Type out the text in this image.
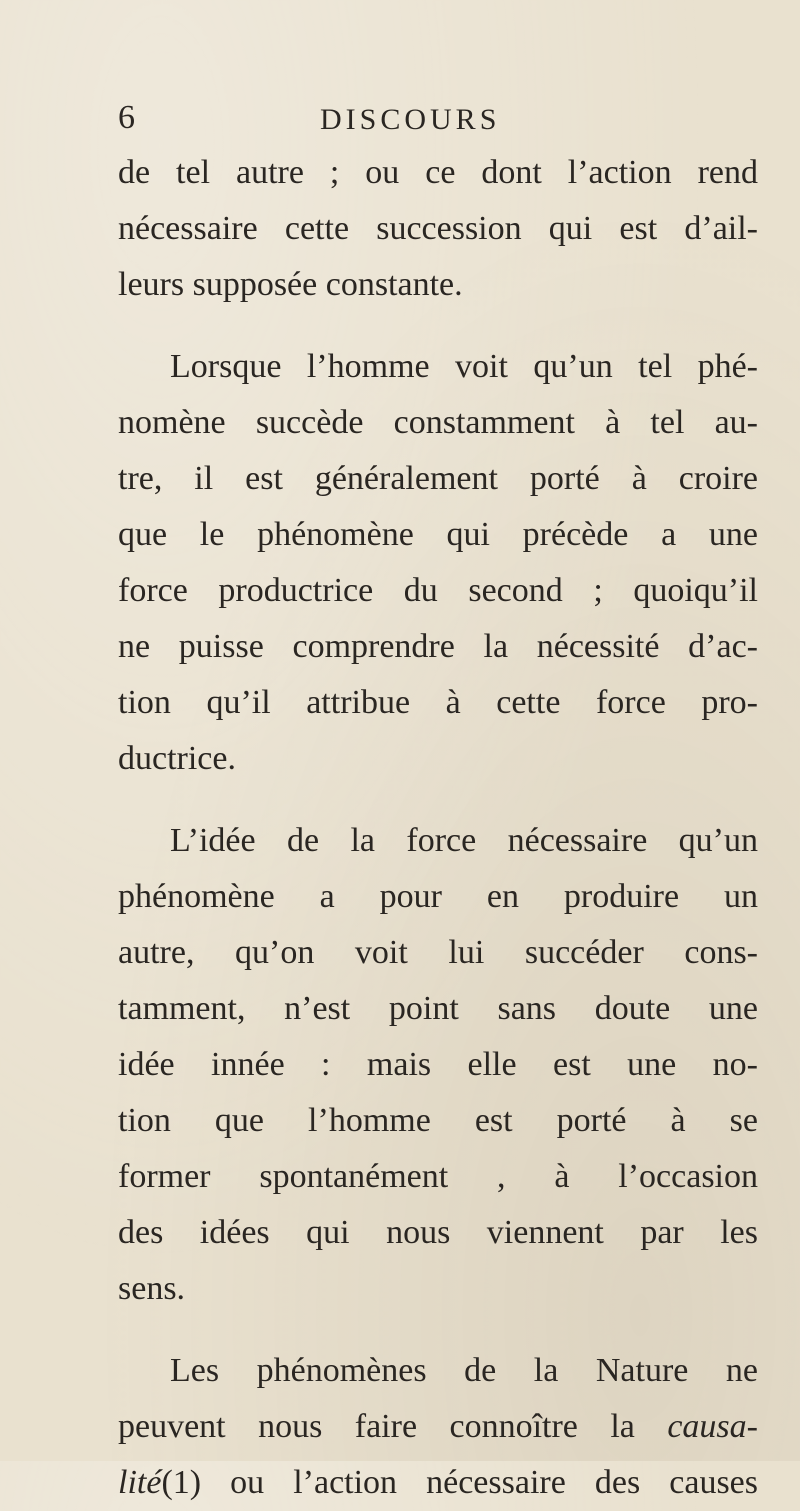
6	DISCOURS
de tel autre ; ou ce dont l’action rend
nécessaire cette succession qui est d’ail-
leurs supposée constante.
Lorsque l’homme voit qu’un tel phé-
nomène succède constamment à tel au-
tre, il est généralement porté à croire
que le phénomène qui précède a une
force productrice du second ; quoiqu’il
ne puisse comprendre la nécessité d’ac-
tion qu’il attribue à cette force pro-
ductrice.
L’idée de la force nécessaire qu’un
phénomène a pour en produire un
autre, qu’on voit lui succéder cons-
tamment, n’est point sans doute une
idée innée : mais elle est une no-
tion que l’homme est porté à se
former spontanément , à l’occasion
des idées qui nous viennent par les
sens.
Les phénomènes de la Nature ne
peuvent nous faire connoître la causa-
lité(1) ou l’action nécessaire des causes
